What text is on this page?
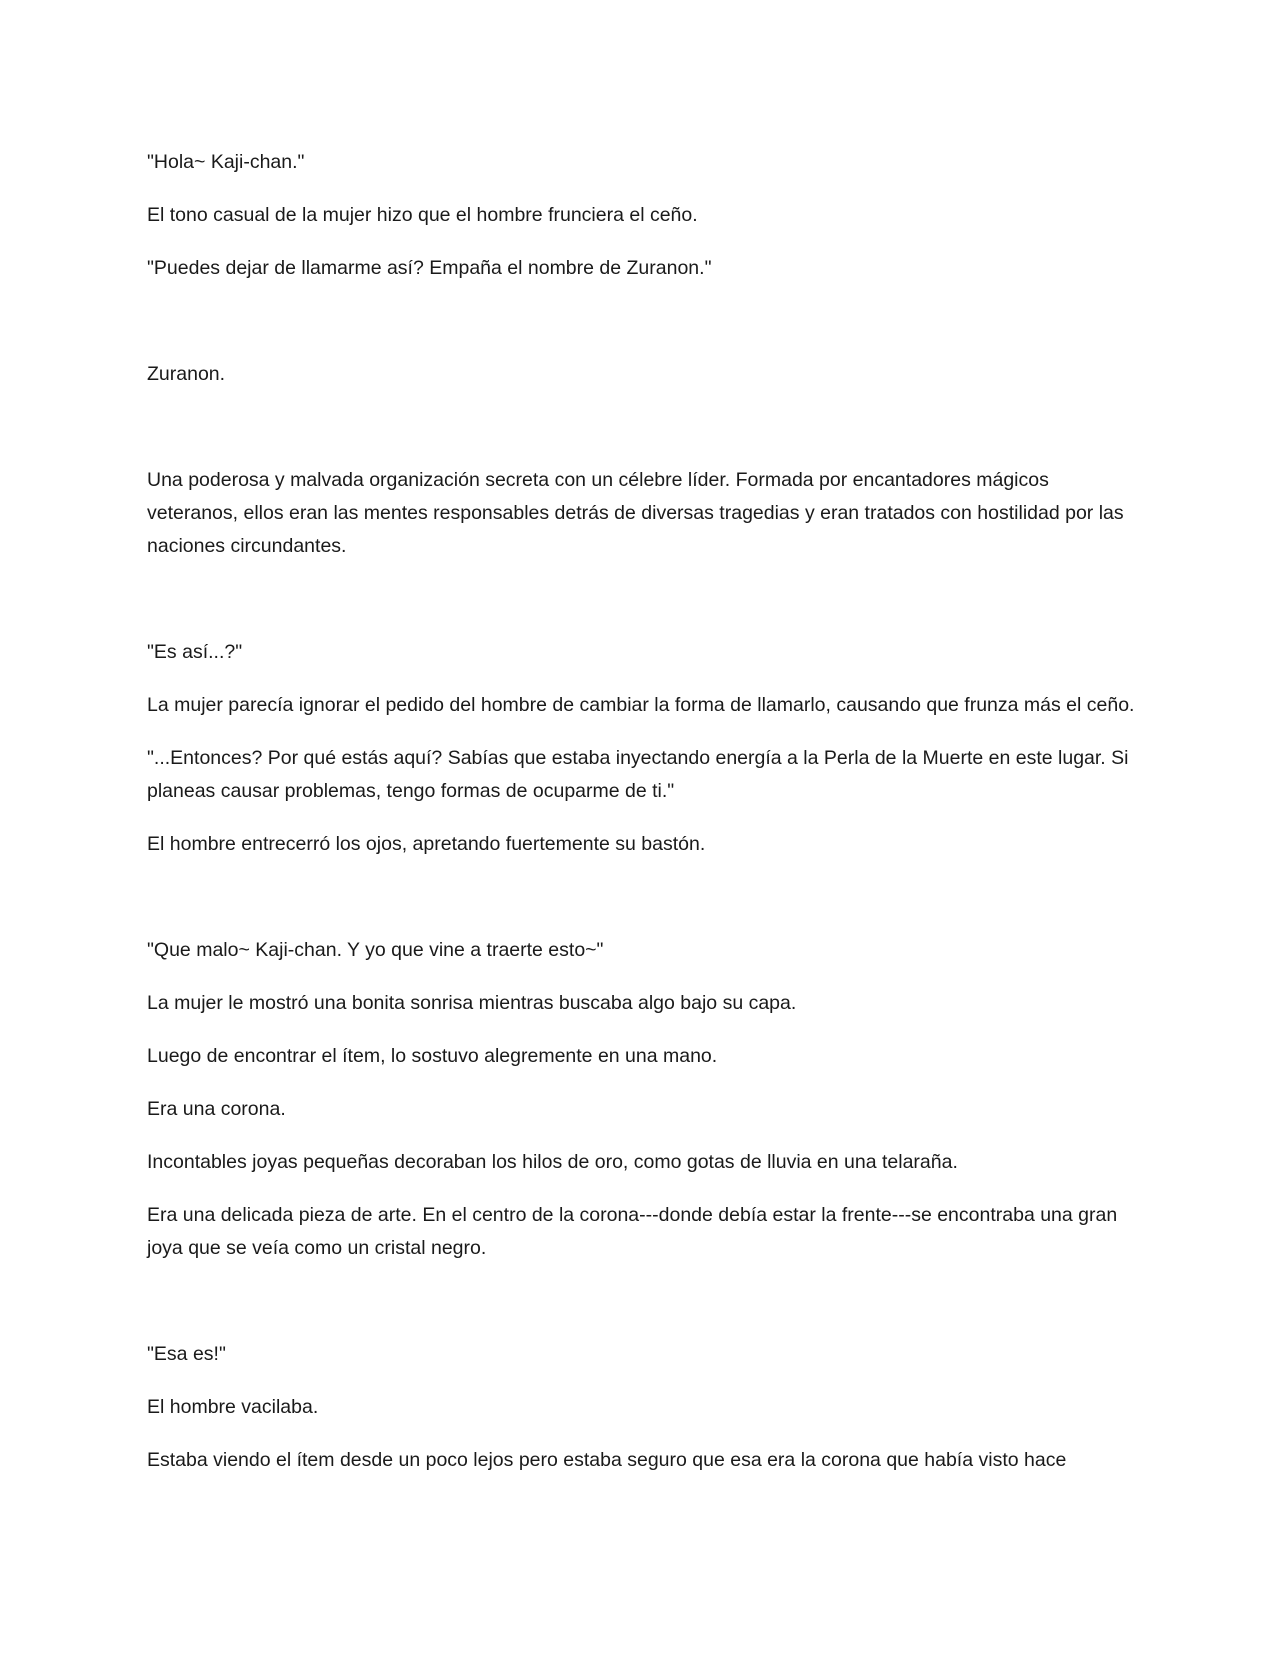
"Hola~ Kaji-chan."

El tono casual de la mujer hizo que el hombre frunciera el ceño.

"Puedes dejar de llamarme así? Empaña el nombre de Zuranon."

Zuranon.

Una poderosa y malvada organización secreta con un célebre líder. Formada por encantadores mágicos veteranos, ellos eran las mentes responsables detrás de diversas tragedias y eran tratados con hostilidad por las naciones circundantes.

"Es así...?"

La mujer parecía ignorar el pedido del hombre de cambiar la forma de llamarlo, causando que frunza más el ceño.

"...Entonces? Por qué estás aquí? Sabías que estaba inyectando energía a la Perla de la Muerte en este lugar. Si planeas causar problemas, tengo formas de ocuparme de ti."

El hombre entrecerró los ojos, apretando fuertemente su bastón.

"Que malo~ Kaji-chan. Y yo que vine a traerte esto~"

La mujer le mostró una bonita sonrisa mientras buscaba algo bajo su capa.

Luego de encontrar el ítem, lo sostuvo alegremente en una mano.

Era una corona.

Incontables joyas pequeñas decoraban los hilos de oro, como gotas de lluvia en una telaraña.

Era una delicada pieza de arte. En el centro de la corona---donde debía estar la frente---se encontraba una gran joya que se veía como un cristal negro.

"Esa es!"

El hombre vacilaba.

Estaba viendo el ítem desde un poco lejos pero estaba seguro que esa era la corona que había visto hace
